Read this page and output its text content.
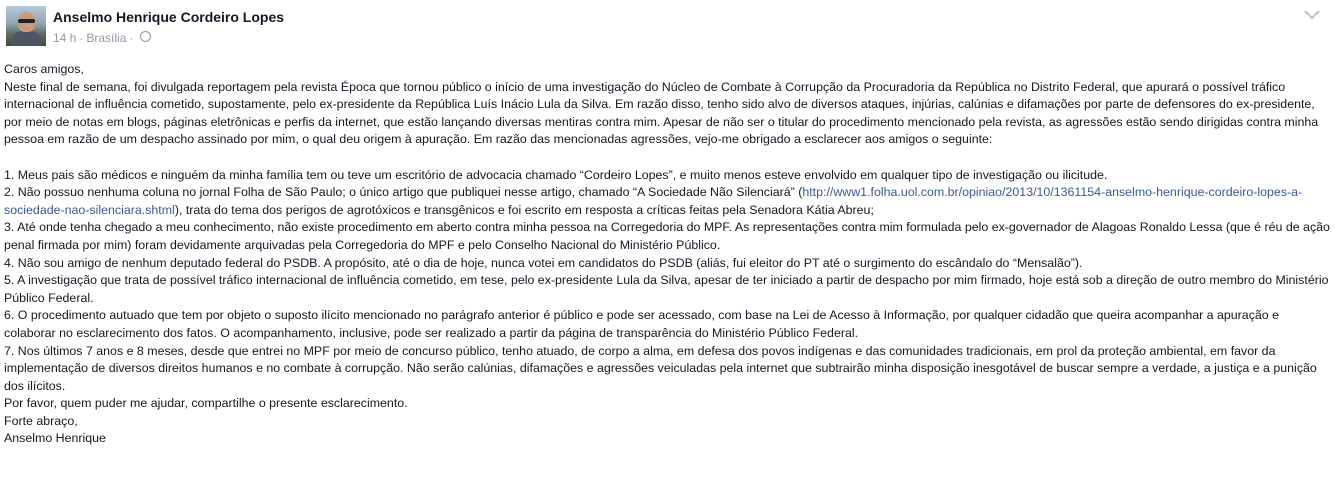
Anselmo Henrique Cordeiro Lopes
14 h · Brasília ·

Caros amigos,

Neste final de semana, foi divulgada reportagem pela revista Época que tornou público o início de uma investigação do Núcleo de Combate à Corrupção da Procuradoria da República no Distrito Federal, que apurará o possível tráfico internacional de influência cometido, supostamente, pelo ex-presidente da República Luís Inácio Lula da Silva. Em razão disso, tenho sido alvo de diversos ataques, injúrias, calúnias e difamações por parte de defensores do ex-presidente, por meio de notas em blogs, páginas eletrônicas e perfis da internet, que estão lançando diversas mentiras contra mim. Apesar de não ser o titular do procedimento mencionado pela revista, as agressões estão sendo dirigidas contra minha pessoa em razão de um despacho assinado por mim, o qual deu origem à apuração. Em razão das mencionadas agressões, vejo-me obrigado a esclarecer aos amigos o seguinte:

1. Meus pais são médicos e ninguém da minha família tem ou teve um escritório de advocacia chamado “Cordeiro Lopes”, e muito menos esteve envolvido em qualquer tipo de investigação ou ilicitude.

2. Não possuo nenhuma coluna no jornal Folha de São Paulo; o único artigo que publiquei nesse artigo, chamado “A Sociedade Não Silenciará” (http://www1.folha.uol.com.br/opiniao/2013/10/1361154-anselmo-henrique-cordeiro-lopes-a-sociedade-nao-silenciara.shtml), trata do tema dos perigos de agrotóxicos e transgênicos e foi escrito em resposta a críticas feitas pela Senadora Kátia Abreu;

3. Até onde tenha chegado a meu conhecimento, não existe procedimento em aberto contra minha pessoa na Corregedoria do MPF. As representações contra mim formulada pelo ex-governador de Alagoas Ronaldo Lessa (que é réu de ação penal firmada por mim) foram devidamente arquivadas pela Corregedoria do MPF e pelo Conselho Nacional do Ministério Público.

4. Não sou amigo de nenhum deputado federal do PSDB. A propósito, até o dia de hoje, nunca votei em candidatos do PSDB (aliás, fui eleitor do PT até o surgimento do escândalo do “Mensalão”).

5. A investigação que trata de possível tráfico internacional de influência cometido, em tese, pelo ex-presidente Lula da Silva, apesar de ter iniciado a partir de despacho por mim firmado, hoje está sob a direção de outro membro do Ministério Público Federal.

6. O procedimento autuado que tem por objeto o suposto ilícito mencionado no parágrafo anterior é público e pode ser acessado, com base na Lei de Acesso à Informação, por qualquer cidadão que queira acompanhar a apuração e colaborar no esclarecimento dos fatos. O acompanhamento, inclusive, pode ser realizado a partir da página de transparência do Ministério Público Federal.

7. Nos últimos 7 anos e 8 meses, desde que entrei no MPF por meio de concurso público, tenho atuado, de corpo a alma, em defesa dos povos indígenas e das comunidades tradicionais, em prol da proteção ambiental, em favor da implementação de diversos direitos humanos e no combate à corrupção. Não serão calúnias, difamações e agressões veiculadas pela internet que subtrairão minha disposição inesgotável de buscar sempre a verdade, a justiça e a punição dos ilícitos.

Por favor, quem puder me ajudar, compartilhe o presente esclarecimento.

Forte abraço,

Anselmo Henrique
